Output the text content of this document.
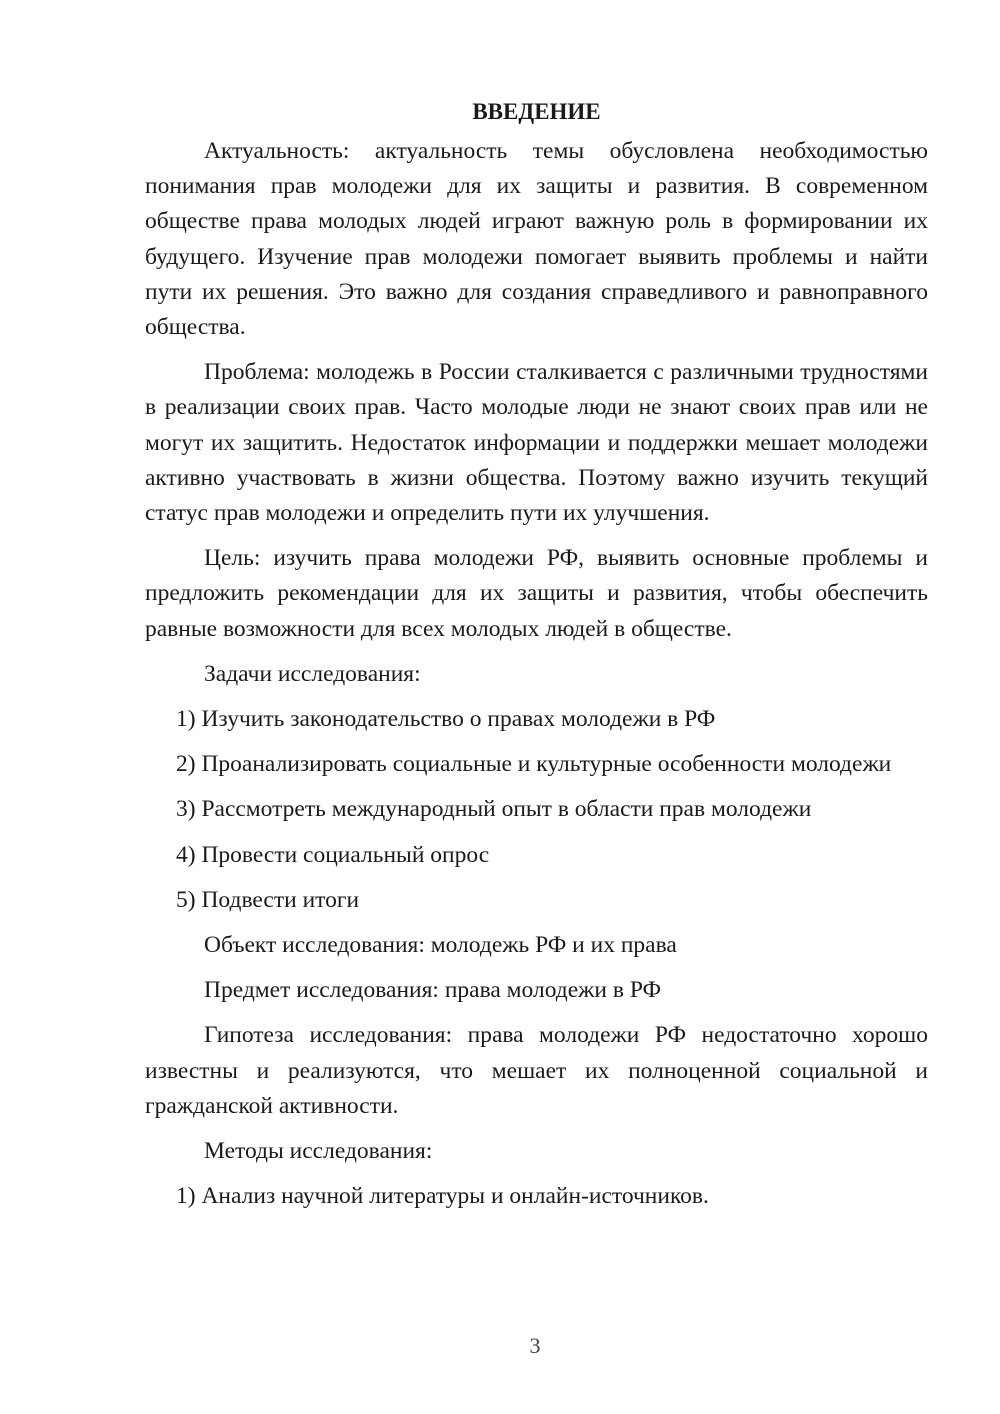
ВВЕДЕНИЕ

Актуальность: актуальность темы обусловлена необходимостью понимания прав молодежи для их защиты и развития. В современном обществе права молодых людей играют важную роль в формировании их будущего. Изучение прав молодежи помогает выявить проблемы и найти пути их решения. Это важно для создания справедливого и равноправного общества.

Проблема: молодежь в России сталкивается с различными трудностями в реализации своих прав. Часто молодые люди не знают своих прав или не могут их защитить. Недостаток информации и поддержки мешает молодежи активно участвовать в жизни общества. Поэтому важно изучить текущий статус прав молодежи и определить пути их улучшения.

Цель: изучить права молодежи РФ, выявить основные проблемы и предложить рекомендации для их защиты и развития, чтобы обеспечить равные возможности для всех молодых людей в обществе.

Задачи исследования:

1) Изучить законодательство о правах молодежи в РФ

2) Проанализировать социальные и культурные особенности молодежи

3) Рассмотреть международный опыт в области прав молодежи

4) Провести социальный опрос

5) Подвести итоги

Объект исследования: молодежь РФ и их права

Предмет исследования: права молодежи в РФ

Гипотеза исследования: права молодежи РФ недостаточно хорошо известны и реализуются, что мешает их полноценной социальной и гражданской активности.

Методы исследования:

1) Анализ научной литературы и онлайн-источников.

3
